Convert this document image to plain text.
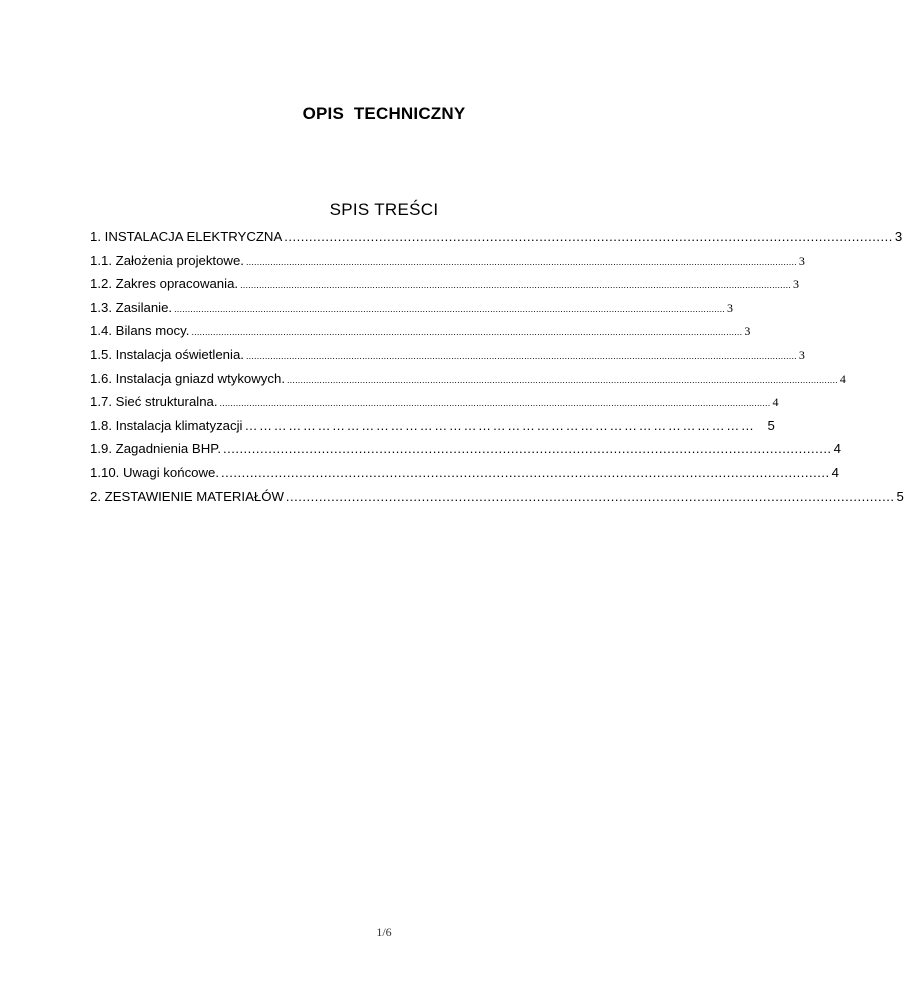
OPIS  TECHNICZNY
SPIS TREŚCI
1. INSTALACJA ELEKTRYCZNA .................................................................................................................................................... 3
1.1. Założenia projektowe. ............................................................................................................................................................................................................ 3
1.2. Zakres opracowania. ............................................................................................................................................................................................................ 3
1.3. Zasilanie. ............................................................................................................................................................................................................ 3
1.4. Bilans mocy. ............................................................................................................................................................................................................ 3
1.5. Instalacja oświetlenia. ............................................................................................................................................................................................................ 3
1.6. Instalacja gniazd wtykowych. ............................................................................................................................................................................................................ 4
1.7. Sieć strukturalna. ............................................................................................................................................................................................................ 4
1.8. Instalacja klimatyzacji …………………………………………………………………………………………… 5
1.9. Zagadnienia BHP. .................................................................................................................................................... 4
1.10. Uwagi końcowe. .................................................................................................................................................... 4
2. ZESTAWIENIE MATERIAŁÓW .................................................................................................................................................... 5
1/6
